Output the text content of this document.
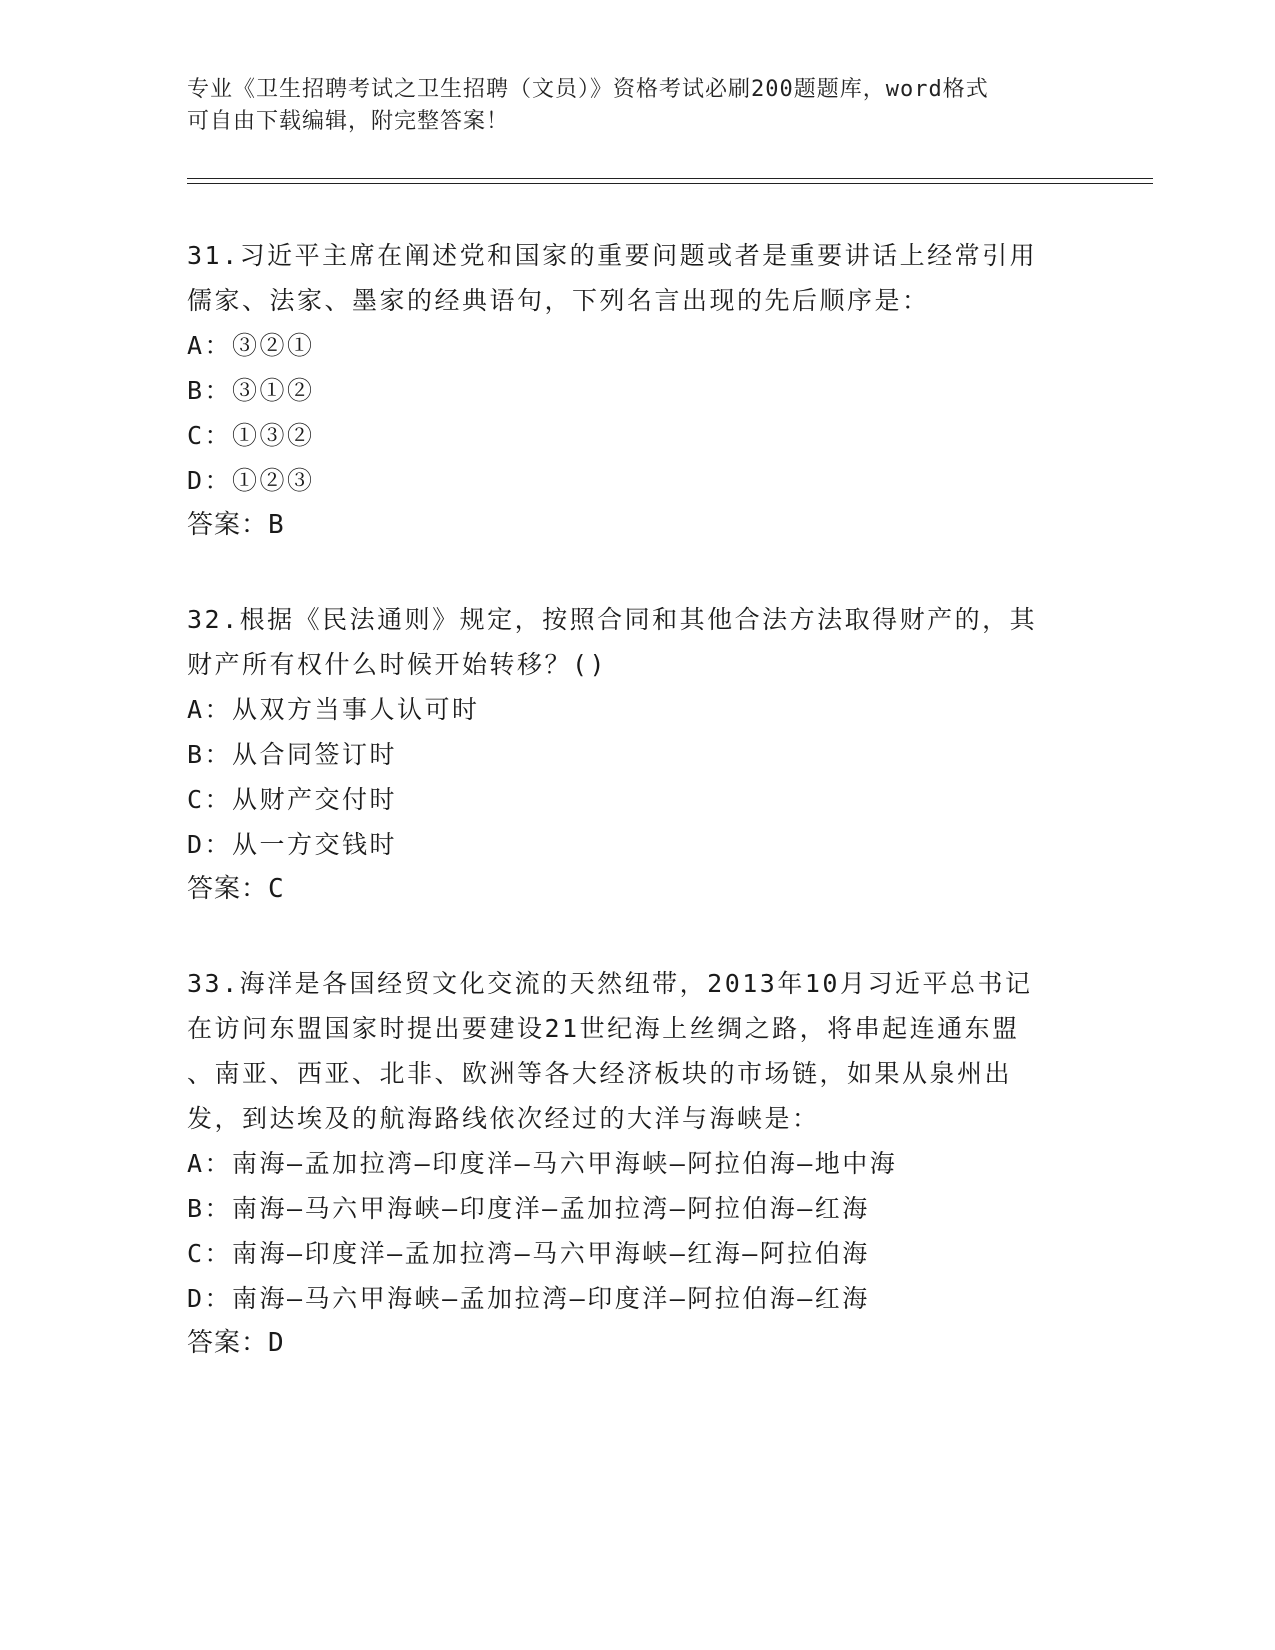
专业《卫生招聘考试之卫生招聘（文员）》资格考试必刷200题题库，word格式
可自由下载编辑，附完整答案！
31.习近平主席在阐述党和国家的重要问题或者是重要讲话上经常引用
儒家、法家、墨家的经典语句，下列名言出现的先后顺序是：
A：③②①
B：③①②
C：①③②
D：①②③
答案：B
32.根据《民法通则》规定，按照合同和其他合法方法取得财产的，其
财产所有权什么时候开始转移？()
A：从双方当事人认可时
B：从合同签订时
C：从财产交付时
D：从一方交钱时
答案：C
33.海洋是各国经贸文化交流的天然纽带，2013年10月习近平总书记
在访问东盟国家时提出要建设21世纪海上丝绸之路，将串起连通东盟
、南亚、西亚、北非、欧洲等各大经济板块的市场链，如果从泉州出
发，到达埃及的航海路线依次经过的大洋与海峡是：
A：南海—孟加拉湾—印度洋—马六甲海峡—阿拉伯海—地中海
B：南海—马六甲海峡—印度洋—孟加拉湾—阿拉伯海—红海
C：南海—印度洋—孟加拉湾—马六甲海峡—红海—阿拉伯海
D：南海—马六甲海峡—孟加拉湾—印度洋—阿拉伯海—红海
答案：D
